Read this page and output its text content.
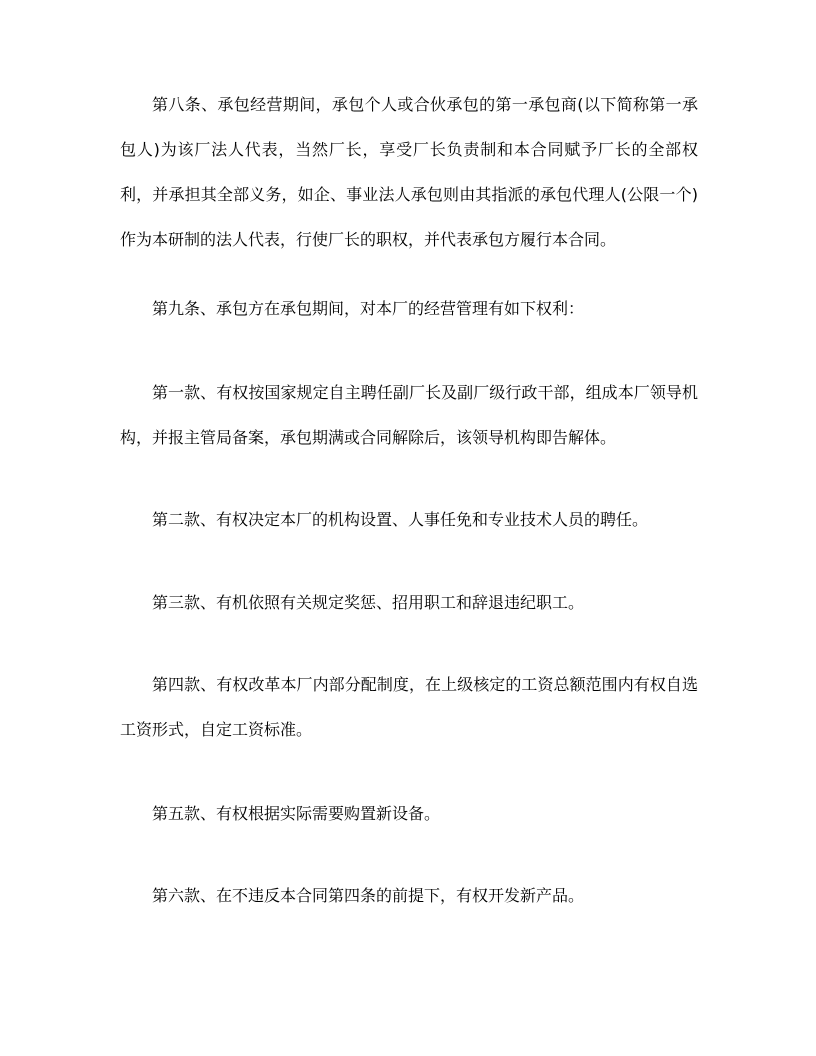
第八条、承包经营期间，承包个人或合伙承包的第一承包商(以下简称第一承包人)为该厂法人代表，当然厂长，享受厂长负责制和本合同赋予厂长的全部权利，并承担其全部义务，如企、事业法人承包则由其指派的承包代理人(公限一个)作为本研制的法人代表，行使厂长的职权，并代表承包方履行本合同。

第九条、承包方在承包期间，对本厂的经营管理有如下权利：

第一款、有权按国家规定自主聘任副厂长及副厂级行政干部，组成本厂领导机构，并报主管局备案，承包期满或合同解除后，该领导机构即告解体。

第二款、有权决定本厂的机构设置、人事任免和专业技术人员的聘任。

第三款、有机依照有关规定奖惩、招用职工和辞退违纪职工。

第四款、有权改革本厂内部分配制度，在上级核定的工资总额范围内有权自选工资形式，自定工资标准。

第五款、有权根据实际需要购置新设备。

第六款、在不违反本合同第四条的前提下，有权开发新产品。
